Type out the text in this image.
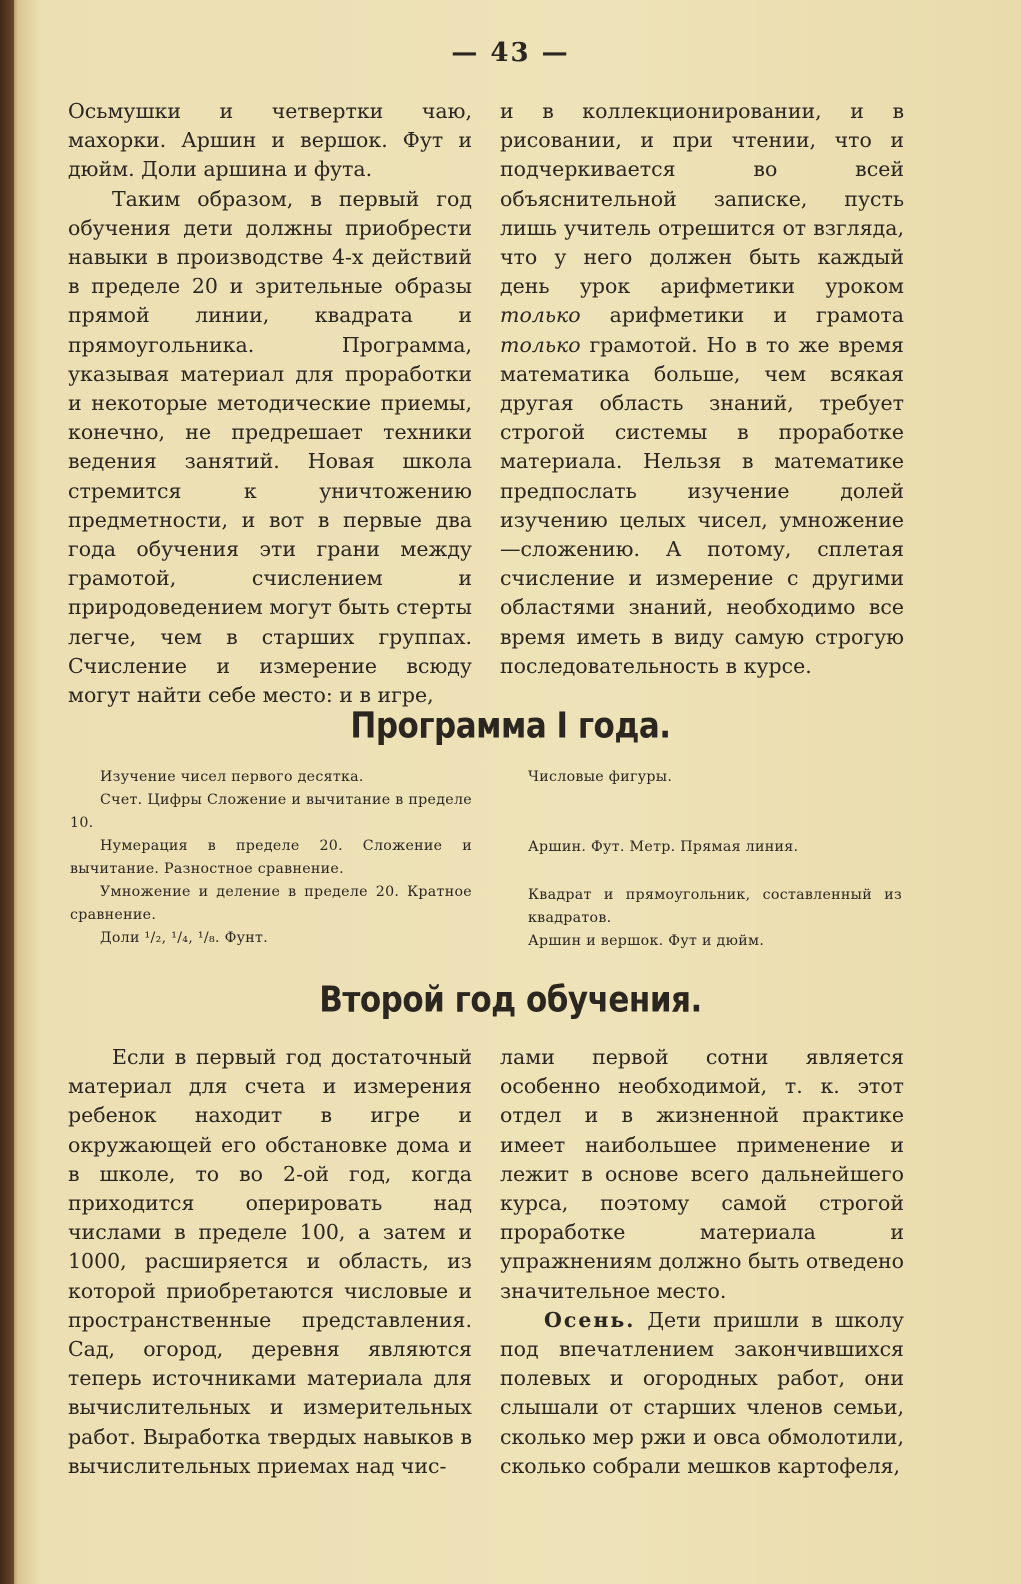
— 43 —

Осьмушки и четвертки чаю, махорки. Аршин и вершок. Фут и дюйм. Доли аршина и фута.

Таким образом, в первый год обучения дети должны приобрести навыки в производстве 4-х действий в пределе 20 и зрительные образы прямой линии, квадрата и прямоугольника. Программа, указывая материал для проработки и некоторые методические приемы, конечно, не предрешает техники ведения занятий. Новая школа стремится к уничтожению предметности, и вот в первые два года обучения эти грани между грамотой, счислением и природоведением могут быть стерты легче, чем в старших группах. Счисление и измерение всюду могут найти себе место: и в игре,

и в коллекционировании, и в рисовании, и при чтении, что и подчеркивается во всей объяснительной записке, пусть лишь учитель отрешится от взгляда, что у него должен быть каждый день урок арифметики уроком только арифметики и грамота только грамотой. Но в то же время математика больше, чем всякая другая область знаний, требует строгой системы в проработке материала. Нельзя в математике предпослать изучение долей изучению целых чисел, умножение—сложению. А потому, сплетая счисление и измерение с другими областями знаний, необходимо все время иметь в виду самую строгую последовательность в курсе.

Программа I года.

Изучение чисел первого десятка.

Счет. Цифры Сложение и вычитание в пределе 10.

Нумерация в пределе 20. Сложение и вычитание. Разностное сравнение.

Умножение и деление в пределе 20. Кратное сравнение.

Доли ¹/₂, ¹/₄, ¹/₈. Фунт.

Числовые фигуры.

Аршин. Фут. Метр. Прямая линия.

Квадрат и прямоугольник, составленный из квадратов.

Аршин и вершок. Фут и дюйм.

Второй год обучения.

Если в первый год достаточный материал для счета и измерения ребенок находит в игре и окружающей его обстановке дома и в школе, то во 2-ой год, когда приходится оперировать над числами в пределе 100, а затем и 1000, расширяется и область, из которой приобретаются числовые и пространственные представления. Сад, огород, деревня являются теперь источниками материала для вычислительных и измерительных работ. Выработка твердых навыков в вычислительных приемах над чис-

лами первой сотни является особенно необходимой, т. к. этот отдел и в жизненной практике имеет наибольшее применение и лежит в основе всего дальнейшего курса, поэтому самой строгой проработке материала и упражнениям должно быть отведено значительное место.

Осень. Дети пришли в школу под впечатлением закончившихся полевых и огородных работ, они слышали от старших членов семьи, сколько мер ржи и овса обмолотили, сколько собрали мешков картофеля,
